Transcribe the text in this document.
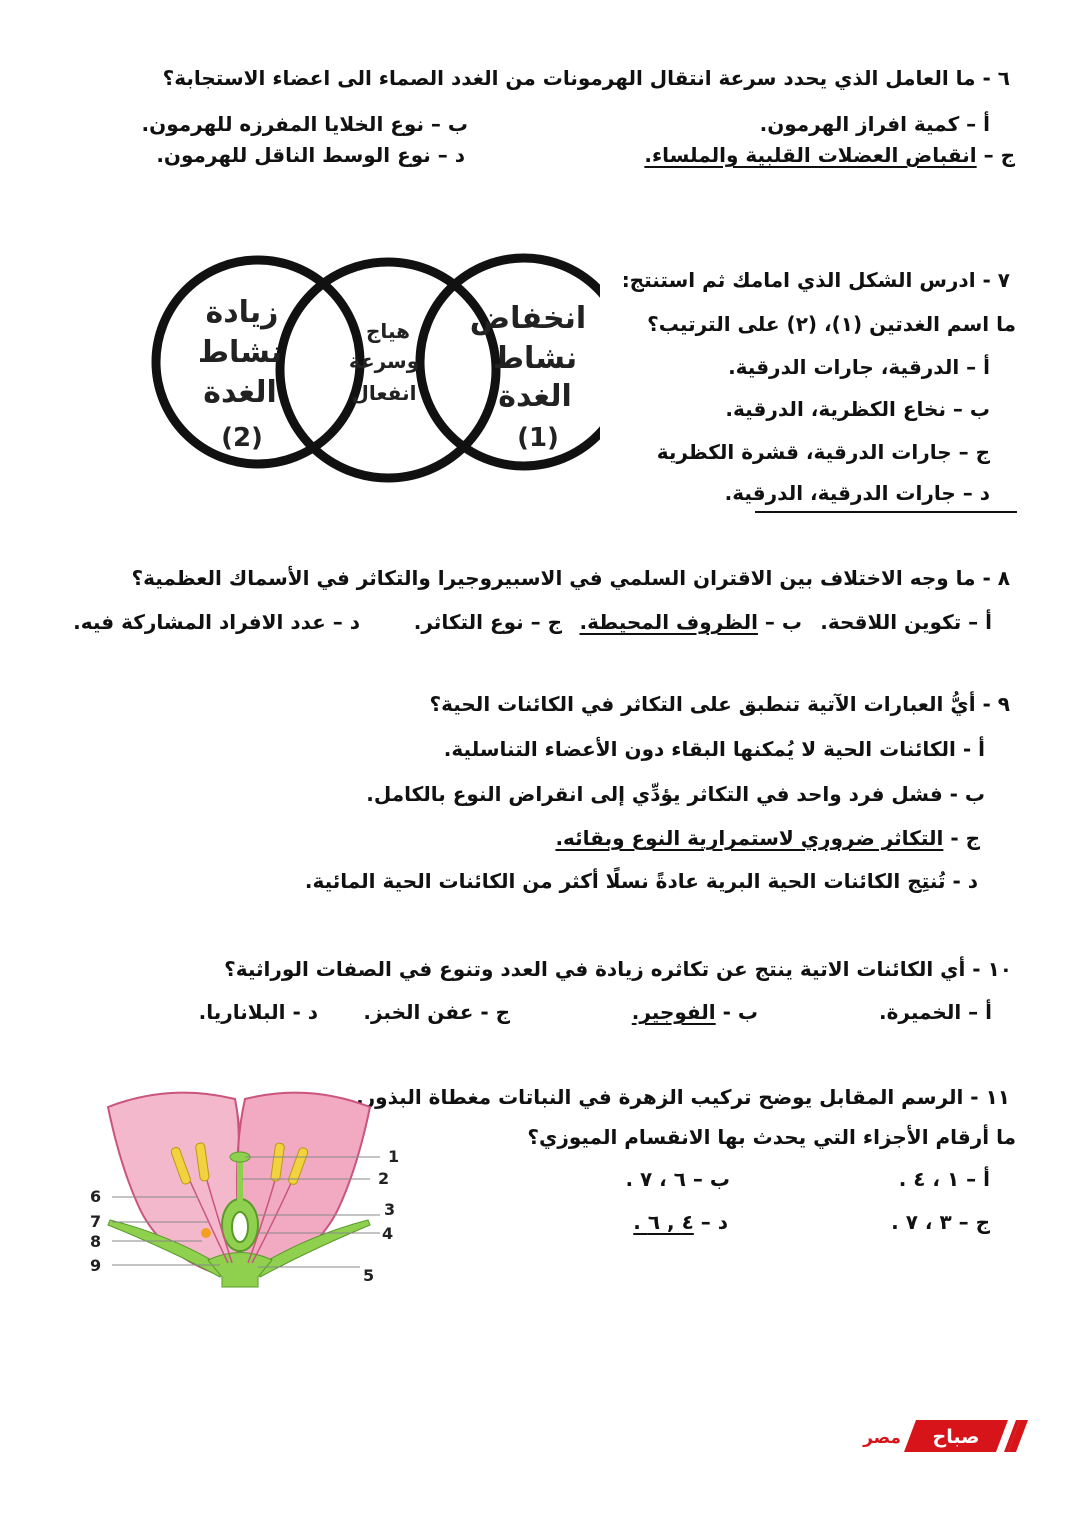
٦ - ما العامل الذي يحدد سرعة انتقال الهرمونات من الغدد الصماء الى اعضاء الاستجابة؟
أ – كمية افراز الهرمون.
ب – نوع الخلايا المفرزه للهرمون.
ج – انقباض العضلات القلبية والملساء.
د – نوع الوسط الناقل للهرمون.
٧ - ادرس الشكل الذي امامك ثم استنتج:
ما اسم الغدتين (١)، (٢) على الترتيب؟
أ – الدرقية، جارات الدرقية.
ب – نخاع الكظرية، الدرقية.
ج – جارات الدرقية، قشرة الكظرية
د – جارات الدرقية، الدرقية.
انخفاض
نشاط
الغدة
(1)
هياج
وسرعة
انفعال
زيادة
نشاط
الغدة
(2)
٨ - ما وجه الاختلاف بين الاقتران السلمي في الاسبيروجيرا والتكاثر في الأسماك العظمية؟
أ – تكوين اللاقحة.
ب – الظروف المحيطة.
ج – نوع التكاثر.
د – عدد الافراد المشاركة فيه.
٩ - أيُّ العبارات الآتية تنطبق على التكاثر في الكائنات الحية؟
أ - الكائنات الحية لا يُمكنها البقاء دون الأعضاء التناسلية.
ب - فشل فرد واحد في التكاثر يؤدِّي إلى انقراض النوع بالكامل.
ج - التكاثر ضروري لاستمرارية النوع وبقائه.
د - تُنتِج الكائنات الحية البرية عادةً نسلًا أكثر من الكائنات الحية المائية.
١٠ - أي الكائنات الاتية ينتج عن تكاثره زيادة في العدد وتنوع في الصفات الوراثية؟
أ – الخميرة.
ب - الفوجير.
ج - عفن الخبز.
د - البلاناريا.
١١ - الرسم المقابل يوضح تركيب الزهرة في النباتات مغطاة البذور.
ما أرقام الأجزاء التي يحدث بها الانقسام الميوزي؟
أ – ١ ، ٤ .
ب – ٦ ، ٧ .
ج – ٣ ، ٧ .
د – ٤ , ٦ .
1
2
3
4
5
6
7
8
9
صباح
مصر
